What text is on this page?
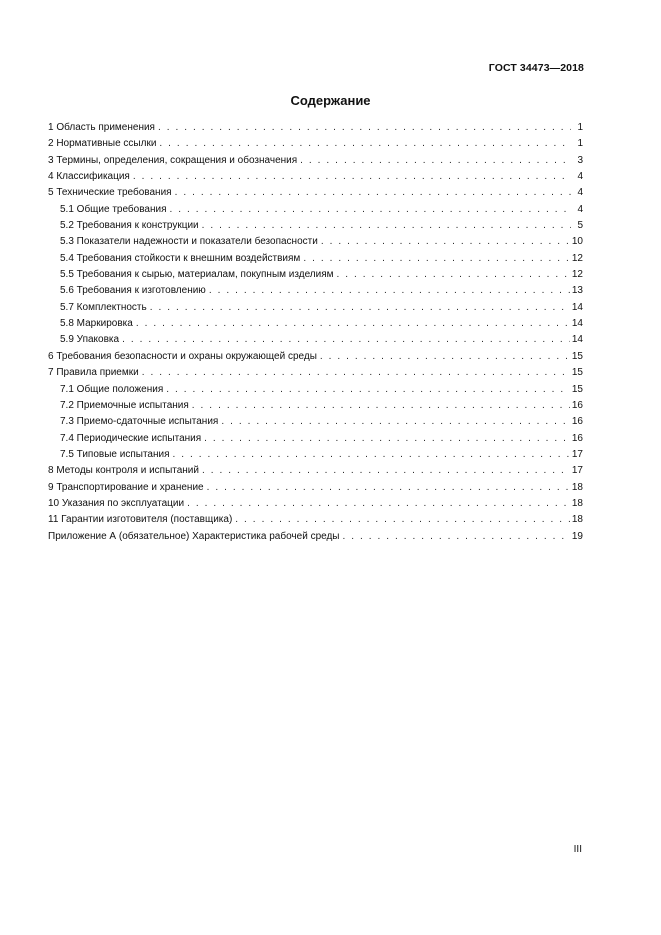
ГОСТ 34473—2018
Содержание
1 Область применения . . .	1
2 Нормативные ссылки . . .	1
3 Термины, определения, сокращения и обозначения . . .	3
4 Классификация . . .	4
5 Технические требования . . .	4
5.1 Общие требования . . .	4
5.2 Требования к конструкции . . .	5
5.3 Показатели надежности и показатели безопасности . . .	10
5.4 Требования стойкости к внешним воздействиям . . .	12
5.5 Требования к сырью, материалам, покупным изделиям . . .	12
5.6 Требования к изготовлению . . .	13
5.7 Комплектность . . .	14
5.8 Маркировка . . .	14
5.9 Упаковка . . .	14
6 Требования безопасности и охраны окружающей среды . . .	15
7 Правила приемки . . .	15
7.1 Общие положения . . .	15
7.2 Приемочные испытания . . .	16
7.3 Приемо-сдаточные испытания . . .	16
7.4 Периодические испытания . . .	16
7.5 Типовые испытания . . .	17
8 Методы контроля и испытаний . . .	17
9 Транспортирование и хранение . . .	18
10 Указания по эксплуатации . . .	18
11 Гарантии изготовителя (поставщика) . . .	18
Приложение А (обязательное) Характеристика рабочей среды . . .	19
III
